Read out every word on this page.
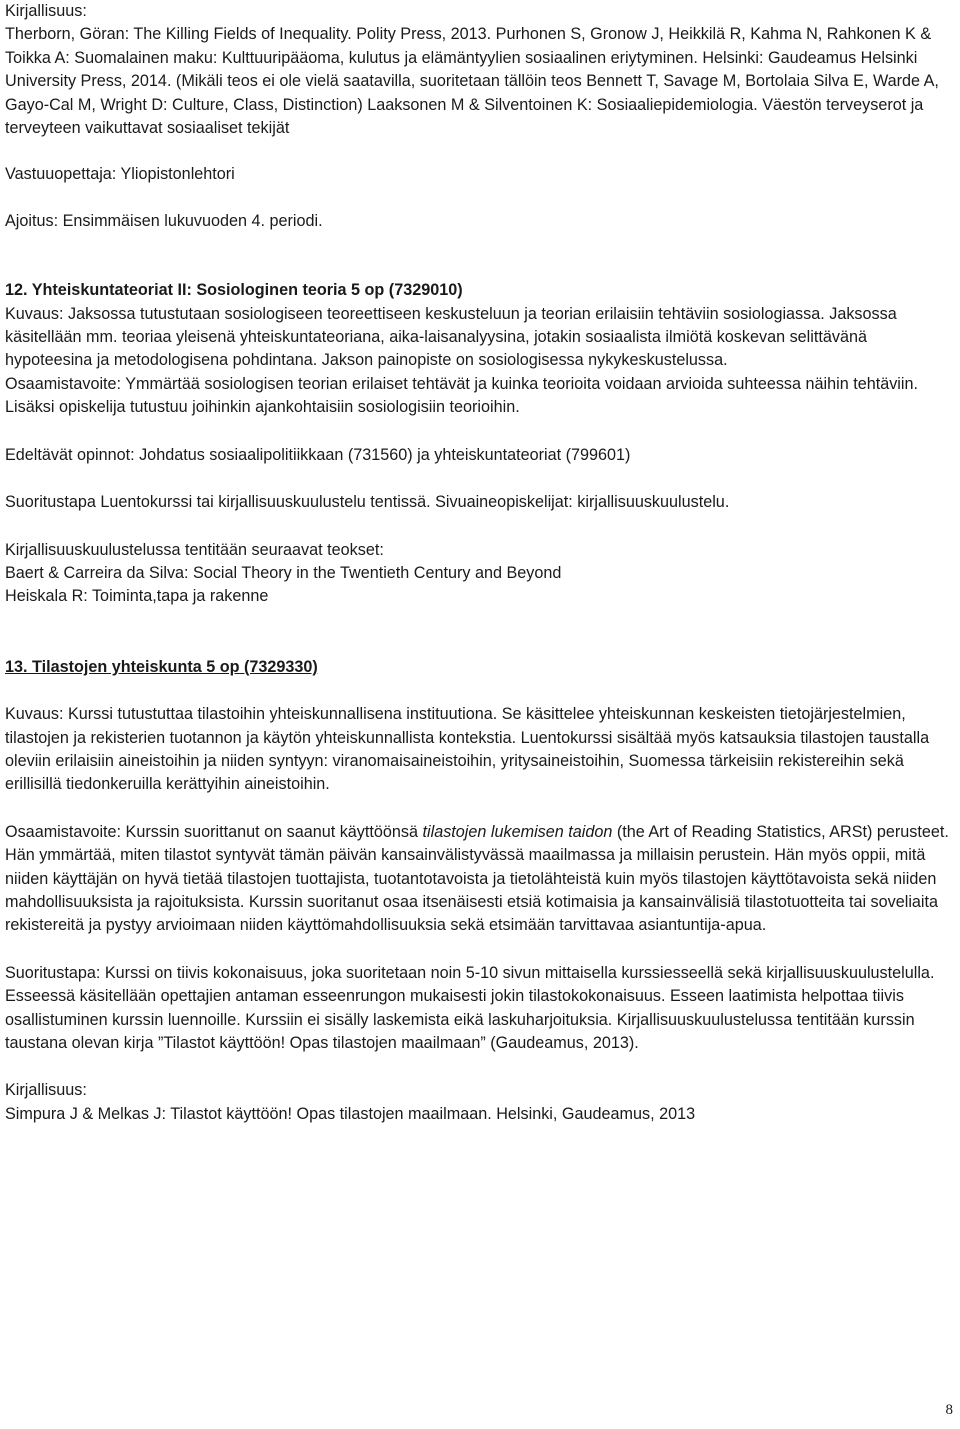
Kirjallisuus:

Therborn, Göran: The Killing Fields of Inequality. Polity Press, 2013. Purhonen S, Gronow J, Heikkilä R, Kahma N, Rahkonen K & Toikka A: Suomalainen maku: Kulttuuripääoma, kulutus ja elämäntyylien sosiaalinen eriytyminen. Helsinki: Gaudeamus Helsinki University Press, 2014. (Mikäli teos ei ole vielä saatavilla, suoritetaan tällöin teos Bennett T, Savage M, Bortolaia Silva E, Warde A, Gayo-Cal M, Wright D: Culture, Class, Distinction) Laaksonen M & Silventoinen K: Sosiaaliepidemiologia. Väestön terveyserot ja terveyteen vaikuttavat sosiaaliset tekijät

Vastuuopettaja: Yliopistonlehtori

Ajoitus: Ensimmäisen lukuvuoden 4. periodi.

12. Yhteiskuntateoriat II: Sosiologinen teoria 5 op (7329010)

Kuvaus: Jaksossa tutustutaan sosiologiseen teoreettiseen keskusteluun ja teorian erilaisiin tehtäviin sosiologiassa. Jaksossa käsitellään mm. teoriaa yleisenä yhteiskuntateoriana, aika-laisanalyysina, jotakin sosiaalista ilmiötä koskevan selittävänä hypoteesina ja metodologisena pohdintana. Jakson painopiste on sosiologisessa nykykeskustelussa.

Osaamistavoite: Ymmärtää sosiologisen teorian erilaiset tehtävät ja kuinka teorioita voidaan arvioida suhteessa näihin tehtäviin. Lisäksi opiskelija tutustuu joihinkin ajankohtaisiin sosiologisiin teorioihin.

Edeltävät opinnot: Johdatus sosiaalipolitiikkaan (731560) ja yhteiskuntateoriat (799601)

Suoritustapa Luentokurssi tai kirjallisuuskuulustelu tentissä. Sivuaineopiskelijat: kirjallisuuskuulustelu.

Kirjallisuuskuulustelussa tentitään seuraavat teokset:

Baert & Carreira da Silva: Social Theory in the Twentieth Century and Beyond

Heiskala R: Toiminta,tapa ja rakenne

13. Tilastojen yhteiskunta 5 op (7329330)

Kuvaus: Kurssi tutustuttaa tilastoihin yhteiskunnallisena instituutiona. Se käsittelee yhteiskunnan keskeisten tietojärjestelmien, tilastojen ja rekisterien tuotannon ja käytön yhteiskunnallista kontekstia. Luentokurssi sisältää myös katsauksia tilastojen taustalla oleviin erilaisiin aineistoihin ja niiden syntyyn: viranomaisaineistoihin, yritysaineistoihin, Suomessa tärkeisiin rekistereihin sekä erillisillä tiedonkeruilla kerättyihin aineistoihin.

Osaamistavoite: Kurssin suorittanut on saanut käyttöönsä tilastojen lukemisen taidon (the Art of Reading Statistics, ARSt) perusteet. Hän ymmärtää, miten tilastot syntyvät tämän päivän kansainvälistyvässä maailmassa ja millaisin perustein. Hän myös oppii, mitä niiden käyttäjän on hyvä tietää tilastojen tuottajista, tuotantotavoista ja tietolähteistä kuin myös tilastojen käyttötavoista sekä niiden mahdollisuuksista ja rajoituksista. Kurssin suoritanut osaa itsenäisesti etsiä kotimaisia ja kansainvälisiä tilastotuotteita tai soveliaita rekistereitä ja pystyy arvioimaan niiden käyttömahdollisuuksia sekä etsimään tarvittavaa asiantuntija-apua.

Suoritustapa: Kurssi on tiivis kokonaisuus, joka suoritetaan noin 5-10 sivun mittaisella kurssiesseellä sekä kirjallisuuskuulustelulla. Esseessä käsitellään opettajien antaman esseenrungon mukaisesti jokin tilastokokonaisuus. Esseen laatimista helpottaa tiivis osallistuminen kurssin luennoille. Kurssiin ei sisälly laskemista eikä laskuharjoituksia. Kirjallisuuskuulustelussa tentitään kurssin taustana olevan kirja ”Tilastot käyttöön! Opas tilastojen maailmaan” (Gaudeamus, 2013).

Kirjallisuus:

Simpura J & Melkas J: Tilastot käyttöön! Opas tilastojen maailmaan. Helsinki, Gaudeamus, 2013

8
